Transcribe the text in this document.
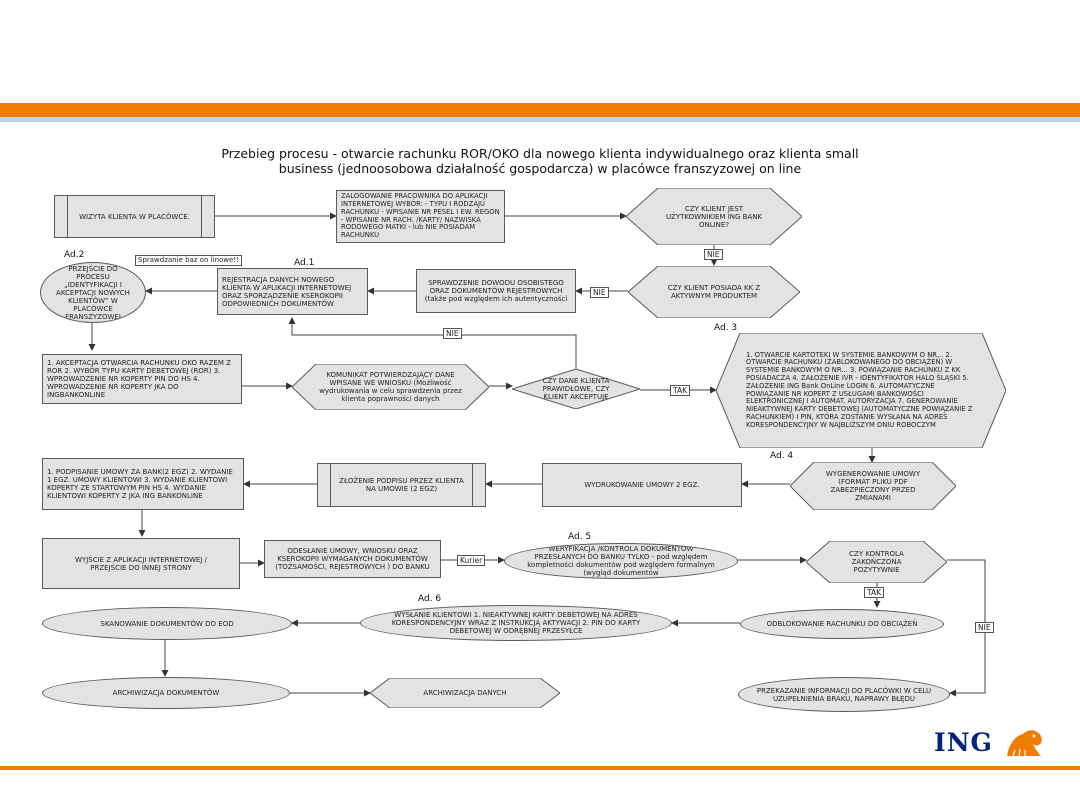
Przebieg procesu - otwarcie rachunku ROR/OKO dla nowego klienta indywidualnego oraz klienta small
business (jednoosobowa działalność gospodarcza) w placówce franszyzowej on line
WIZYTA KLIENTA W PLACÓWCE.
ZALOGOWANIE PRACOWNIKA DO APLIKACJI INTERNETOWEJ WYBÓR: - TYPU I RODZAJU RACHUNKU - WPISANIE NR PESEL I EW. REGON - WPISANIE NR RACH. /KARTY/ NAZWISKA RODOWEGO MATKI - lub NIE POSIADAM RACHUNKU
CZY KLIENT JEST UŻYTKOWNIKIEM ING BANK ONLINE?
NIE
CZY KLIENT POSIADA KK Z AKTYWNYM PRODUKTEM
NIE
SPRAWDZENIE DOWODU OSOBISTEGO ORAZ DOKUMENTÓW REJESTROWYCH (także pod względem ich autentyczności
REJESTRACJA DANYCH NOWEGO KLIENTA W APLIKACJI INTERNETOWEJ ORAZ SPORZĄDZENIE KSEROKOPII ODPOWIEDNICH DOKUMENTÓW
Ad.1
Sprawdzanie baz on linowe!!
Ad.2
PRZEJŚCIE DO PROCESU „IDENTYFIKACJI I AKCEPTACJI NOWYCH KLIENTÓW” W PLACÓWCE FRANSZYZOWEJ
NIE
Ad. 3
1. AKCEPTACJA OTWARCIA RACHUNKU OKO RAZEM Z ROR 2. WYBÓR TYPU KARTY DEBETOWEJ (ROR) 3. WPROWADZENIE NR KOPERTY PIN DO HS 4. WPROWADZENIE NR KOPERTY JKA DO INGBANKONLINE
KOMUNIKAT POTWIERDZAJĄCY DANE WPISANE WE WNIOSKU (Możliwość wydrukowania w celu sprawdzenia przez klienta poprawności danych
CZY DANE KLIENTA PRAWIDŁOWE, CZY KLIENT AKCEPTUJE
TAK
1. OTWARCIE KARTOTEKI W SYSTEMIE BANKOWYM O NR... 2. OTWARCIE RACHUNKU (ZABLOKOWANEGO DO OBCIĄŻEŃ) W SYSTEMIE BANKOWYM O NR... 3. POWIĄZANIE RACHUNKU Z KK POSIADACZA 4. ZAŁOŻENIE IVR - IDENTYFIKATOR HALO ŚLĄSKI 5. ZAŁOŻENIE ING Bank OnLine LOGIN 6. AUTOMATYCZNE POWIĄZANIE NR KOPERT Z USŁUGAMI BANKOWOŚCI ELEKTRONICZNEJ I AUTOMAT. AUTORYZACJA 7. GENEROWANIE NIEAKTYWNEJ KARTY DEBETOWEJ (AUTOMATYCZNE POWIĄZANIE Z RACHUNKIEM) I PIN, KTÓRA ZOSTANIE WYSŁANA NA ADRES KORESPONDENCYJNY W NAJBLIŻSZYM DNIU ROBOCZYM
Ad. 4
1. PODPISANIE UMOWY ZA BANK(2 EGZ) 2. WYDANIE 1 EGZ. UMOWY KLIENTOWI 3. WYDANIE KLIENTOWI KOPERTY ZE STARTOWYM PIN HS 4. WYDANIE KLIENTOWI KOPERTY Z JKA ING BANKONLINE
ZŁOŻENIE PODPISU PRZEZ KLIENTA NA UMOWIE (2 EGZ)	WYDRUKOWANIE UMOWY 2 EGZ.
WYGENEROWANIE UMOWY (FORMAT PLIKU PDF ZABEZPIECZONY PRZED ZMIANAMI
WYJŚCIE Z APLIKACJI INTERNETOWEJ / PRZEJŚCIE DO INNEJ STRONY
ODESŁANIE UMOWY, WNIOSKU ORAZ KSEROKOPII WYMAGANYCH DOKUMENTÓW (TOŻSAMOŚCI, REJESTROWYCH ) DO BANKU
Kurier
Ad. 5
WERYFIKACJA /KONTROLA DOKUMENTÓW PRZESŁANYCH DO BANKU TYLKO - pod względem kompletności dokumentów pod względem formalnym (wygląd dokumentów
CZY KONTROLA ZAKOŃCZONA POZYTYWNIE
TAK
Ad. 6
SKANOWANIE DOKUMENTÓW DO EOD
WYSŁANIE KLIENTOWI 1. NIEAKTYWNEJ KARTY DEBETOWEJ NA ADRES KORESPONDENCYJNY WRAZ Z INSTRUKCJĄ AKTYWACJI 2. PIN DO KARTY DEBETOWEJ W ODRĘBNEJ PRZESYŁCE
ODBLOKOWANIE RACHUNKU DO OBCIĄŻEŃ	NIE
ARCHIWIZACJA DOKUMENTÓW	ARCHIWIZACJA DANYCH	PRZEKAZANIE INFORMACJI DO PLACÓWKI W CELU UZUPEŁNIENIA BRAKU, NAPRAWY BŁĘDU
ING
